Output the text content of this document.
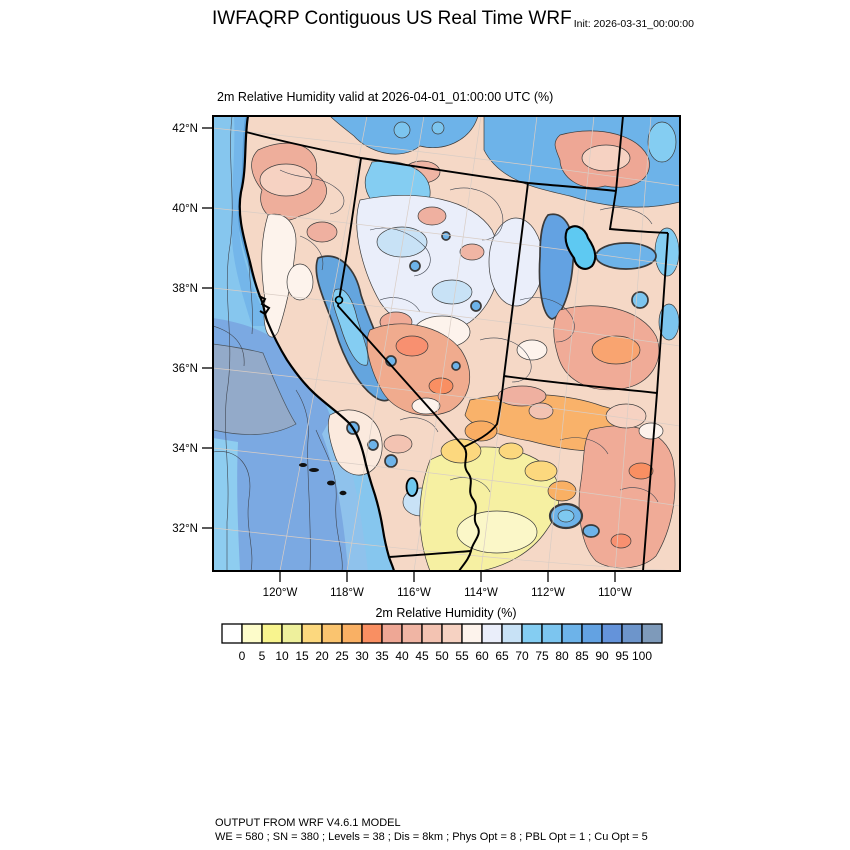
IWFAQRP Contiguous US Real Time WRF Init: 2026-03-31_00:00:00
2m Relative Humidity valid at 2026-04-01_01:00:00 UTC (%)
42°N
40°N
38°N
36°N
34°N
32°N
120°W	118°W	116°W	114°W	112°W	110°W
2m Relative Humidity (%)
0 5 10 15 20 25 30 35 40 45 50 55 60 65 70 75 80 85 90 95 100
OUTPUT FROM WRF V4.6.1 MODEL
WE = 580 ; SN = 380 ; Levels = 38 ; Dis = 8km ; Phys Opt = 8 ; PBL Opt = 1 ; Cu Opt = 5
